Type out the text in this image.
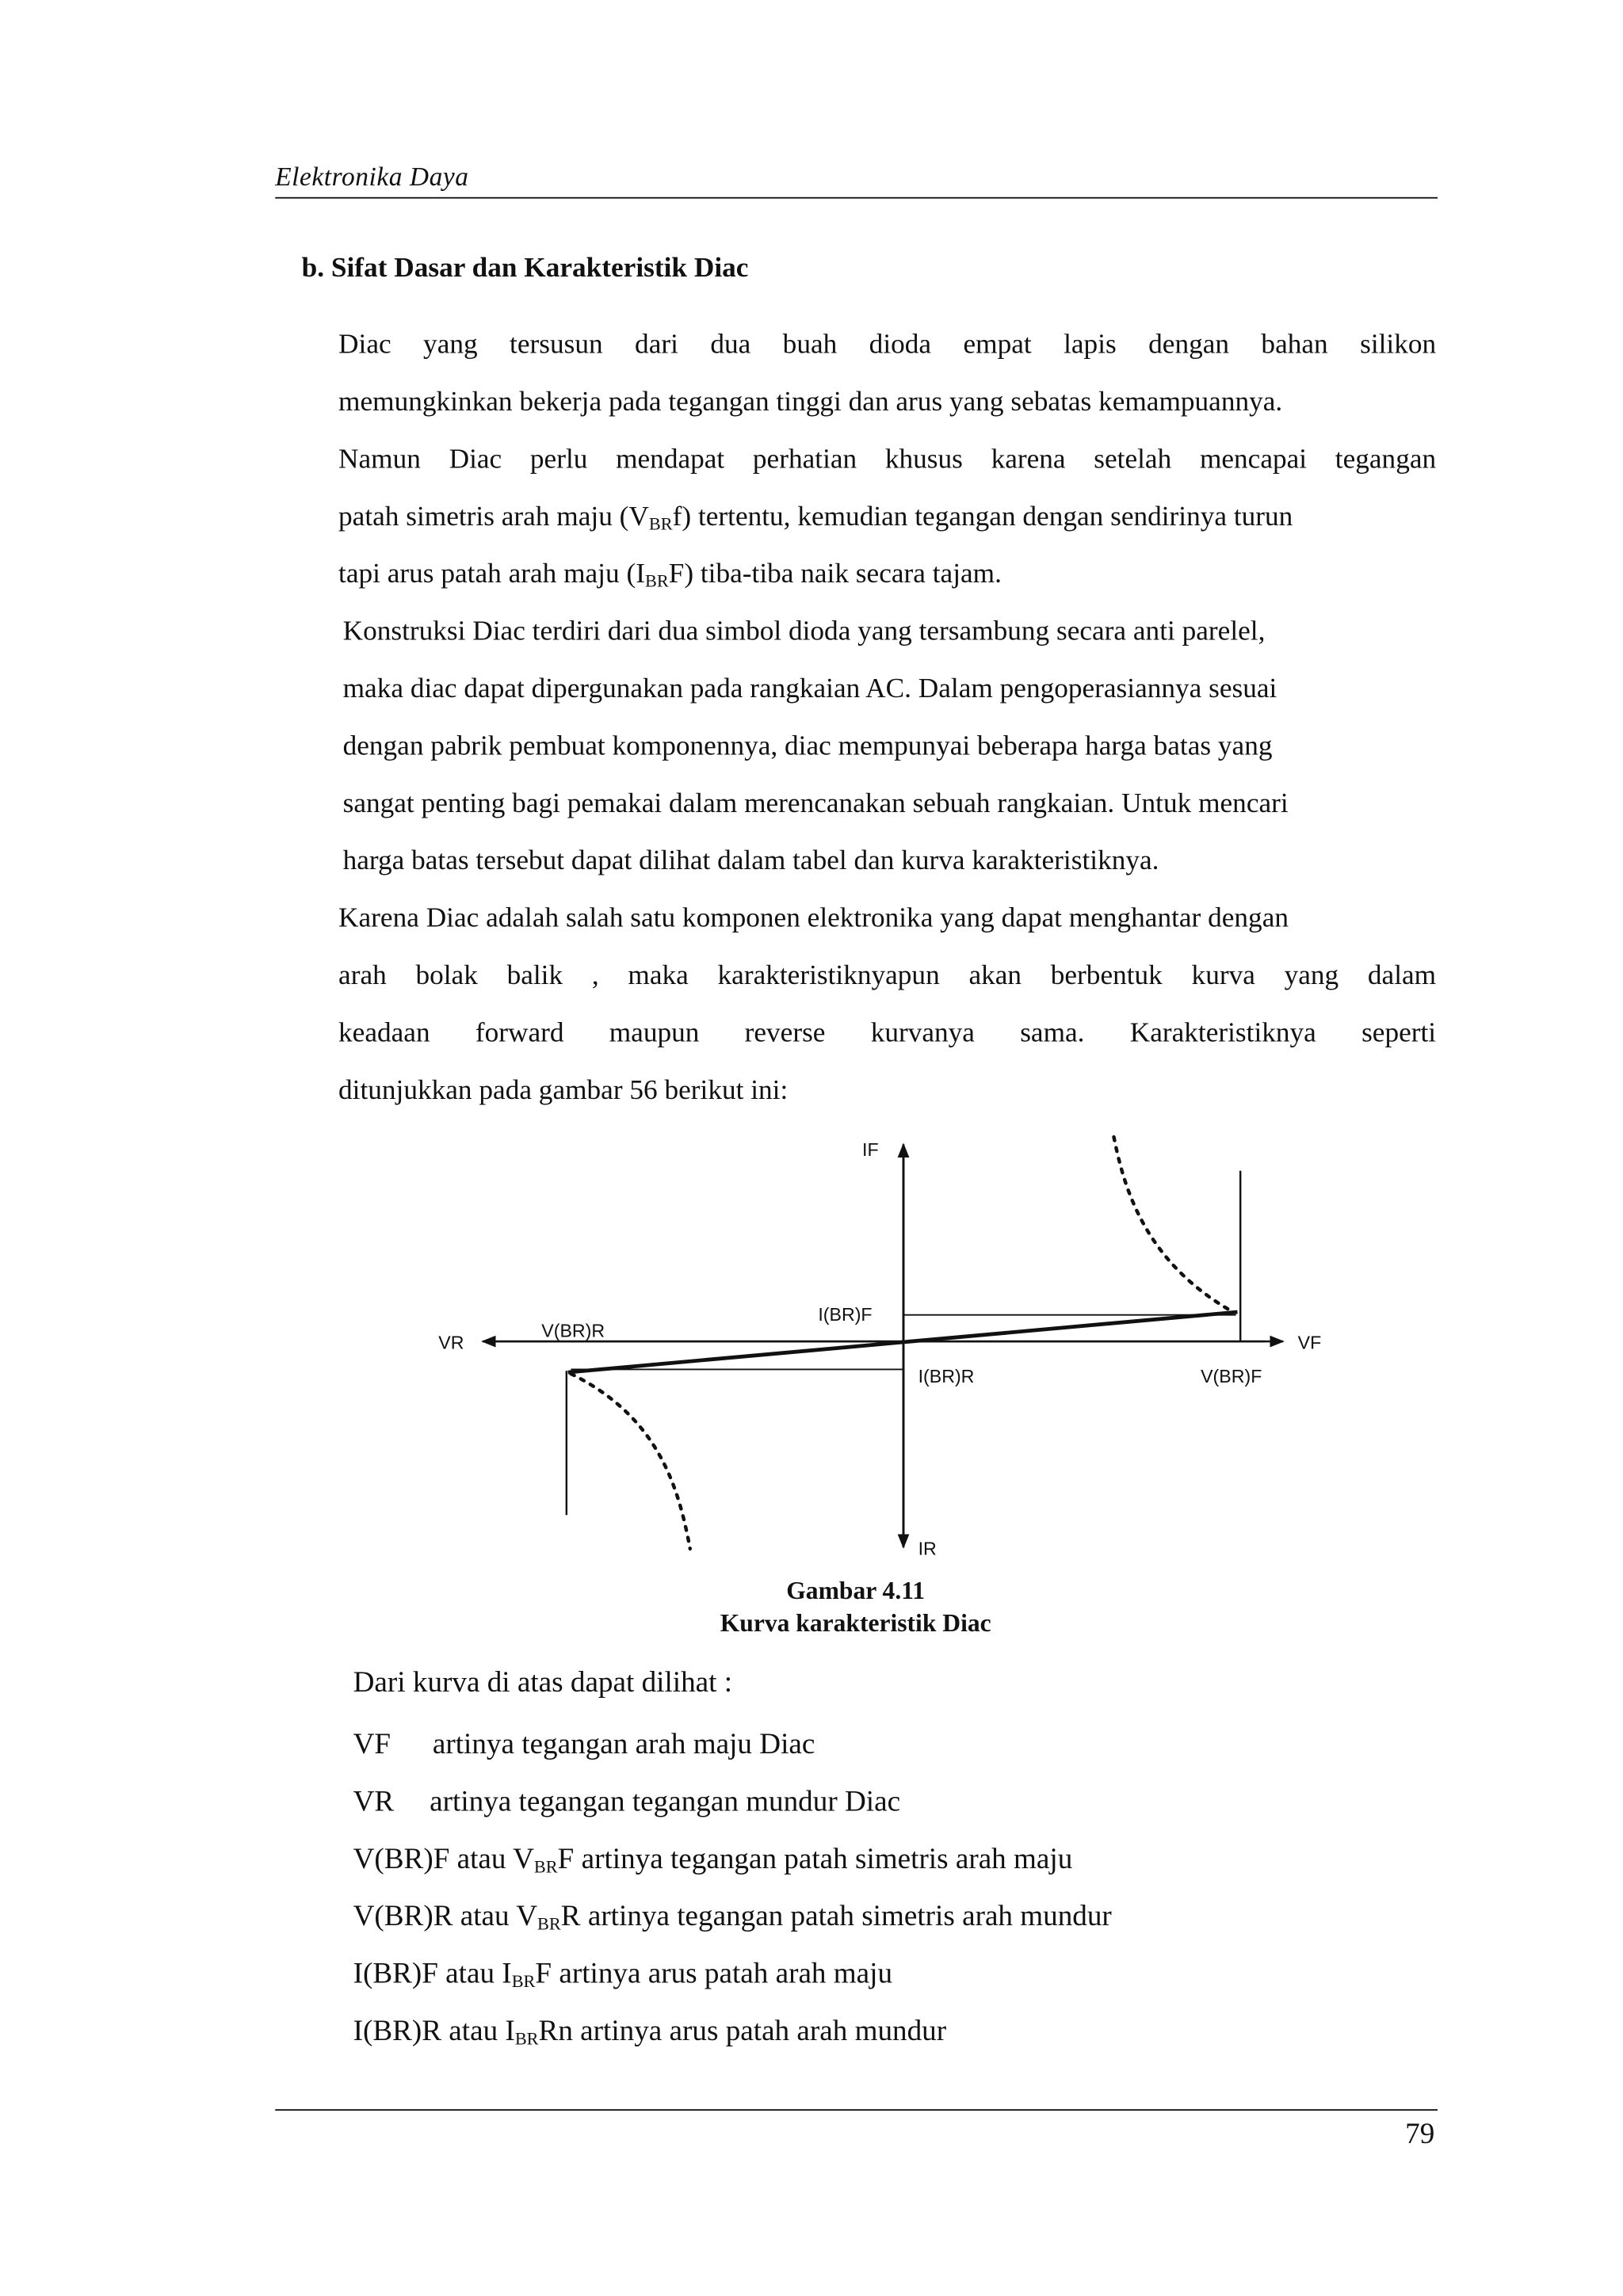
Elektronika Daya
b. Sifat Dasar dan Karakteristik Diac
Diac yang tersusun dari dua buah dioda empat lapis dengan bahan silikon
memungkinkan bekerja pada tegangan tinggi dan arus yang sebatas kemampuannya.
Namun Diac perlu mendapat perhatian khusus karena setelah mencapai tegangan
patah simetris arah maju $(V_{BR}f)$ tertentu, kemudian tegangan dengan sendirinya turun
tapi arus patah arah maju $(I_{BR}F)$ tiba-tiba naik secara tajam.
Konstruksi Diac terdiri dari dua simbol dioda yang tersambung secara anti parelel,
maka diac dapat dipergunakan pada rangkaian AC. Dalam pengoperasiannya sesuai
dengan pabrik pembuat komponennya, diac mempunyai beberapa harga batas yang
sangat penting bagi pemakai dalam merencanakan sebuah rangkaian. Untuk mencari
harga batas tersebut dapat dilihat dalam tabel dan kurva karakteristiknya.
Karena Diac adalah salah satu komponen elektronika yang dapat menghantar dengan
arah bolak balik , maka karakteristiknyapun akan berbentuk kurva yang dalam
keadaan forward maupun reverse kurvanya sama. Karakteristiknya seperti
ditunjukkan pada gambar 56 berikut ini:
IF
IR
VF
VR
I(BR)F
I(BR)R
V(BR)R
V(BR)F
Gambar 4.11
Kurva karakteristik Diac
Dari kurva di atas dapat dilihat :
VF	artinya tegangan arah maju Diac
VR artinya tegangan tegangan mundur Diac
V(BR)F atau $V_{BR}F$ artinya tegangan patah simetris arah maju
V(BR)R atau $V_{BR}R$ artinya tegangan patah simetris arah mundur
I(BR)F atau $I_{BR}F$ artinya arus patah arah maju
I(BR)R atau $I_{BR}Rn$ artinya arus patah arah mundur
79
